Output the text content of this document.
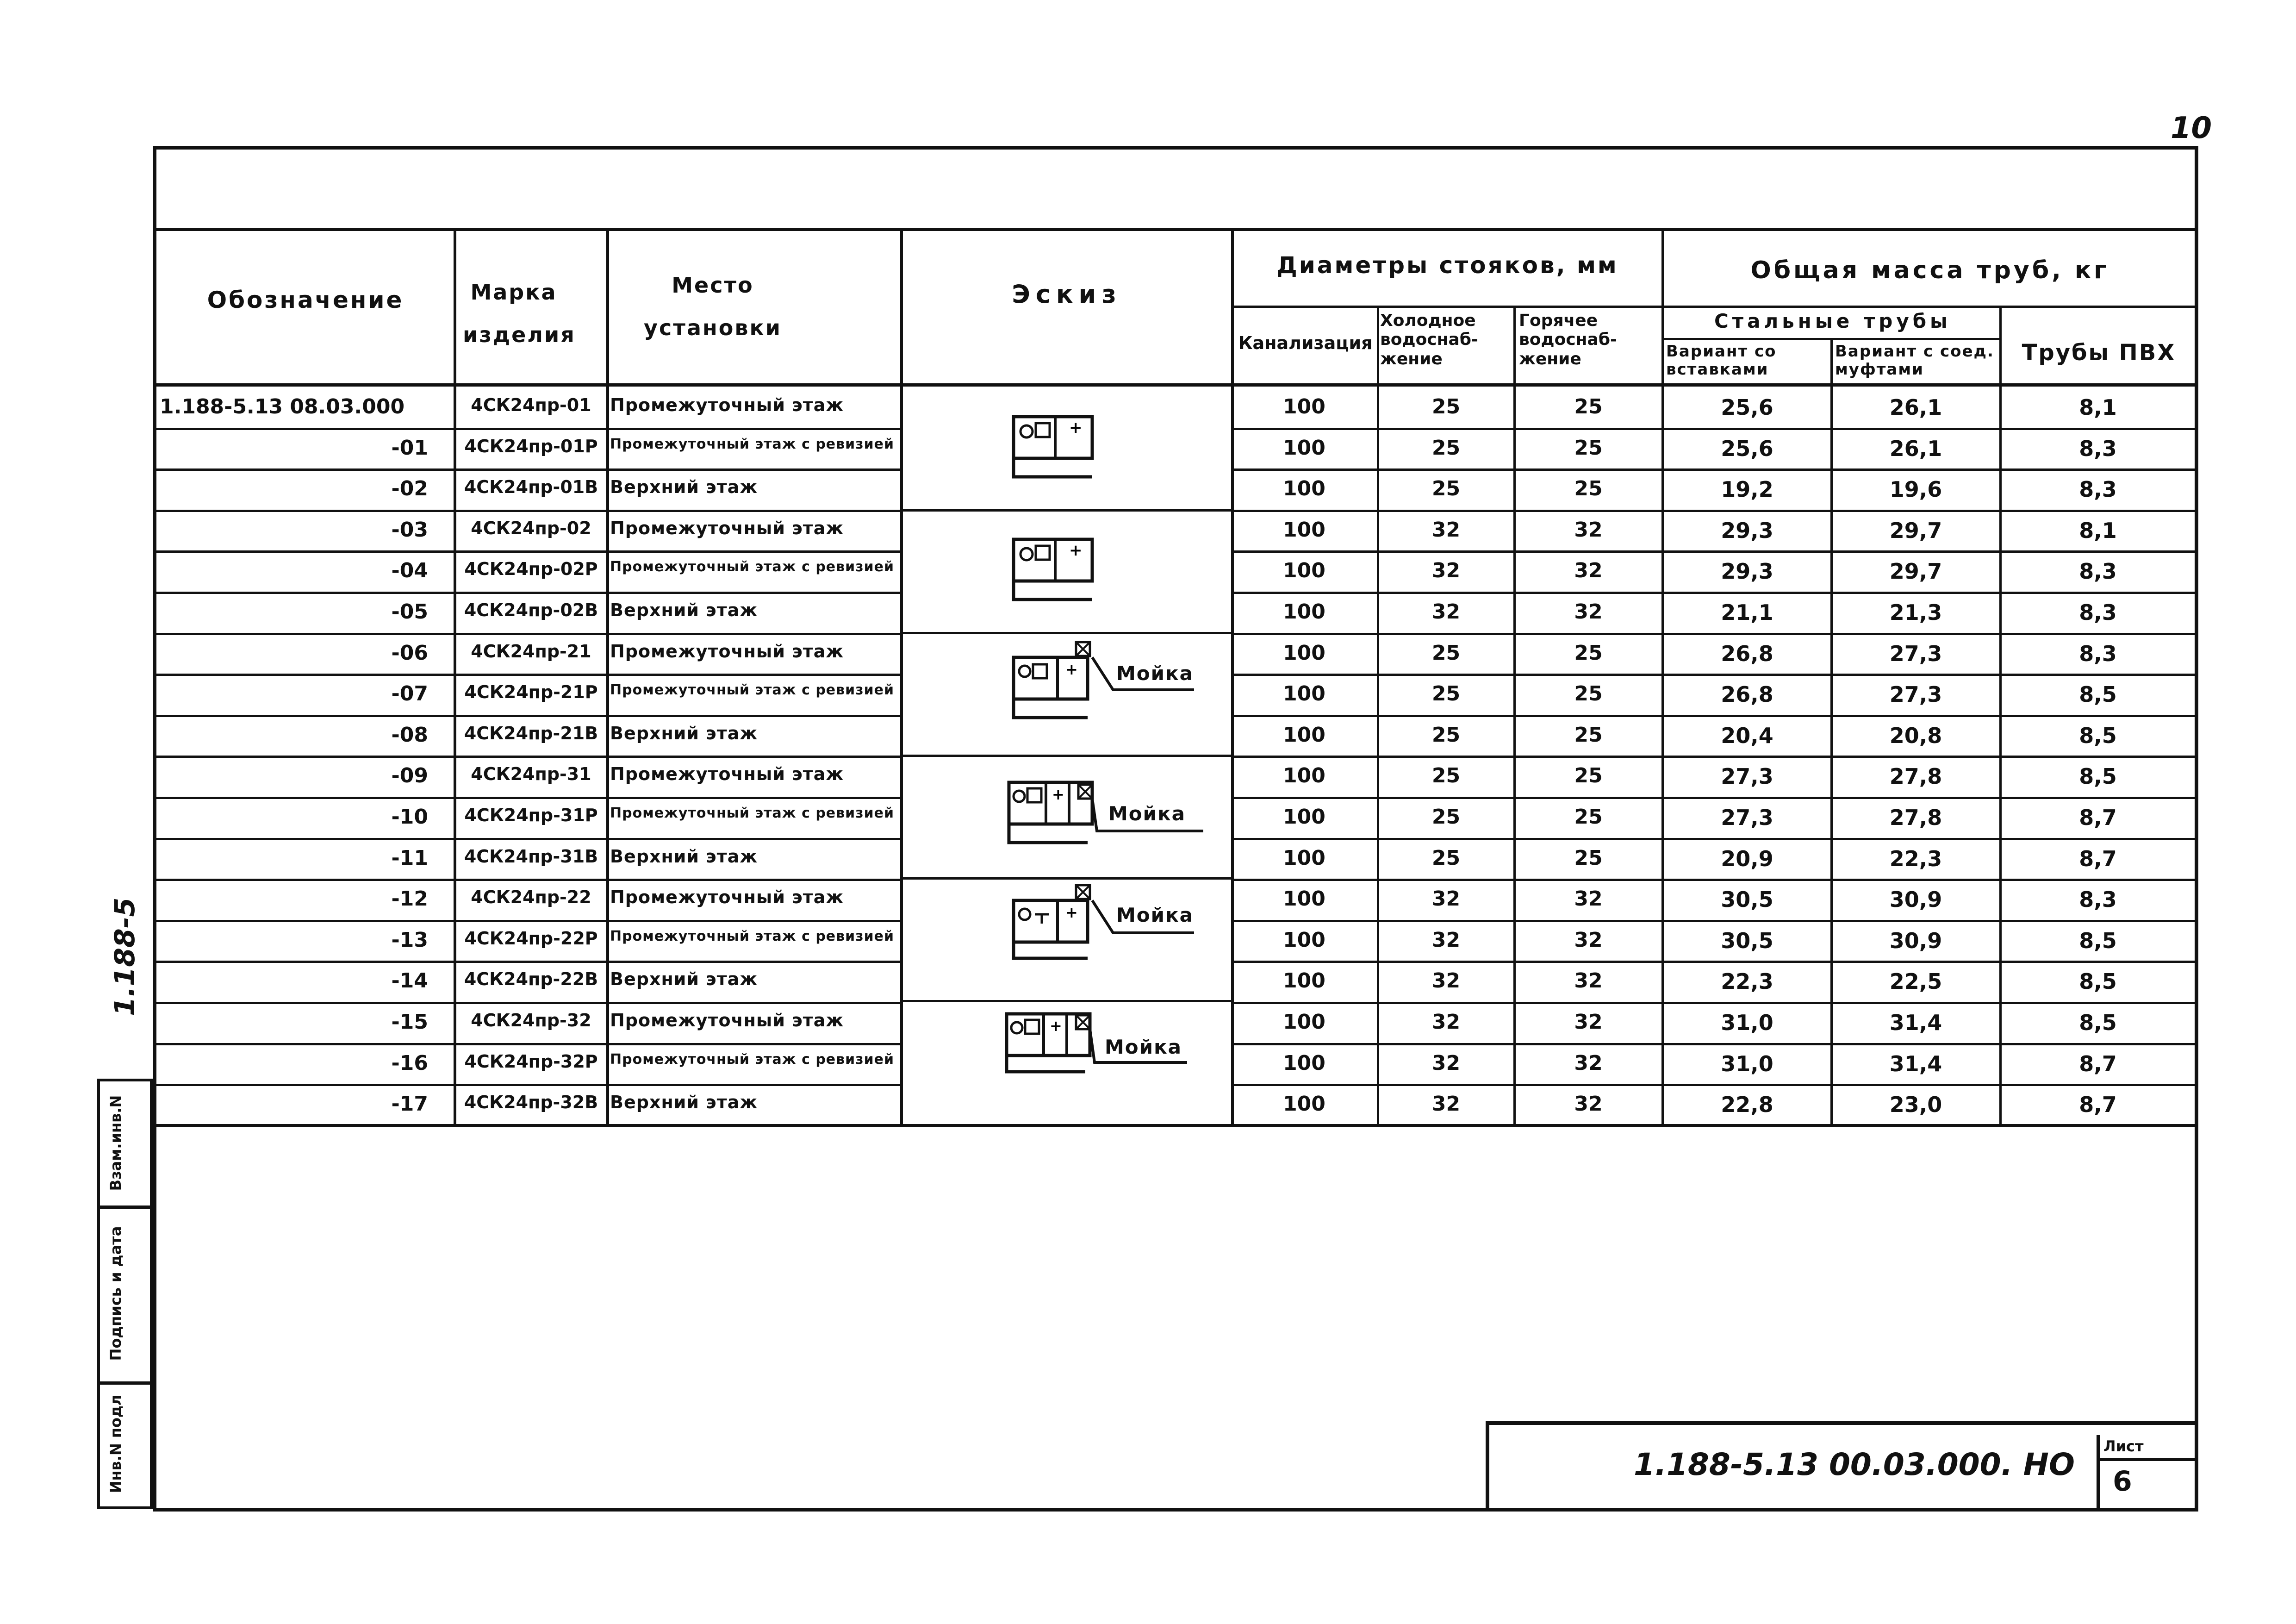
10
Обозначение	Марка изделия
Место установки
Эскиз
Диаметры стояков, мм
Канализация
Холодное водоснаб-жение
Горячее водоснаб-жение
Общая масса труб, кг
Стальные трубы
Вариант со вставками
Вариант с соед. муфтами
Трубы ПВХ
1.188-5.13 08.03.000	4СК24пр-01	Промежуточный этаж	100	25	25	25,6	26,1	8,1
-01	4СК24пр-01Р Промежуточный этаж с ревизией	100	25	25	25,6	26,1	8,3
-02	4СК24пр-01В Верхний этаж	100	25	25	19,2	19,6	8,3
-03	4СК24пр-02	Промежуточный этаж	100	32	32	29,3	29,7	8,1
-04	4СК24пр-02Р Промежуточный этаж с ревизией	100	32	32	29,3	29,7	8,3
-05	4СК24пр-02В Верхний этаж	100	32	32	21,1	21,3	8,3
-06	4СК24пр-21	Промежуточный этаж	100	25	25	26,8	27,3	8,3
-07	4СК24пр-21Р Промежуточный этаж с ревизией	100	25	25	26,8	27,3	8,5
-08	4СК24пр-21В Верхний этаж	100	25	25	20,4	20,8	8,5
-09	4СК24пр-31	Промежуточный этаж	100	25	25	27,3	27,8	8,5
-10	4СК24пр-31Р Промежуточный этаж с ревизией	100	25	25	27,3	27,8	8,7
-11	4СК24пр-31В Верхний этаж	100	25	25	20,9	22,3	8,7
-12	4СК24пр-22	Промежуточный этаж	100	32	32	30,5	30,9	8,3
-13	4СК24пр-22Р Промежуточный этаж с ревизией	100	32	32	30,5	30,9	8,5
-14	4СК24пр-22В Верхний этаж	100	32	32	22,3	22,5	8,5
-15	4СК24пр-32	Промежуточный этаж	100	32	32	31,0	31,4	8,5
-16	4СК24пр-32Р Промежуточный этаж с ревизией	100	32	32	31,0	31,4	8,7
-17	4СК24пр-32В Верхний этаж	100	32	32	22,8	23,0	8,7
+
+
+ Мойка
+
Мойка
+ Мойка
+
Мойка
1.188-5
Инв.N подл
Подпись и дата
Взам.инв.N
1.188-5.13 00.03.000. НО
Лист
6
